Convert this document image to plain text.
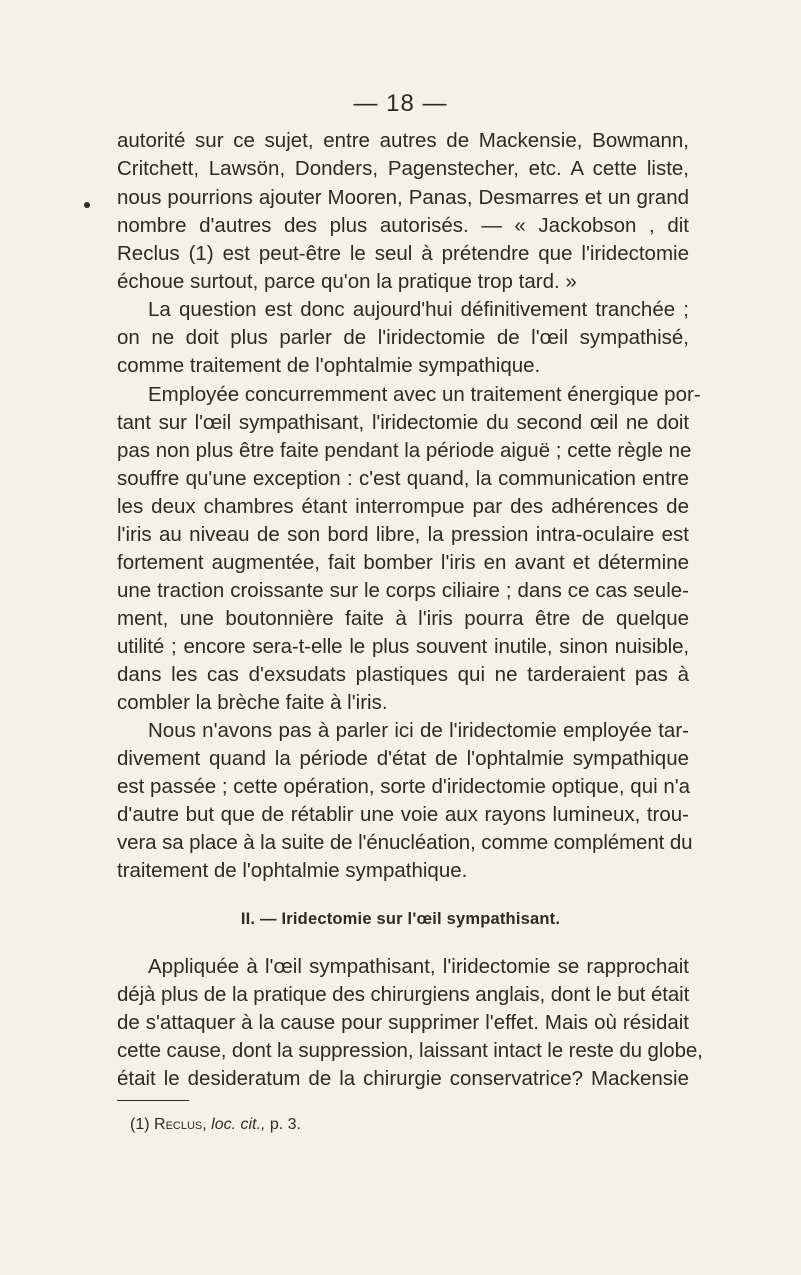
— 18 —
autorité sur ce sujet, entre autres de Mackensie, Bowmann,
Critchett, Lawsön, Donders, Pagenstecher, etc. A cette liste,
nous pourrions ajouter Mooren, Panas, Desmarres et un grand
nombre d'autres des plus autorisés. — « Jackobson , dit
Reclus (1) est peut-être le seul à prétendre que l'iridectomie
échoue surtout, parce qu'on la pratique trop tard. »
La question est donc aujourd'hui définitivement tranchée ;
on ne doit plus parler de l'iridectomie de l'œil sympathisé,
comme traitement de l'ophtalmie sympathique.
Employée concurremment avec un traitement énergique por-
tant sur l'œil sympathisant, l'iridectomie du second œil ne doit
pas non plus être faite pendant la période aiguë ; cette règle ne
souffre qu'une exception : c'est quand, la communication entre
les deux chambres étant interrompue par des adhérences de
l'iris au niveau de son bord libre, la pression intra-oculaire est
fortement augmentée, fait bomber l'iris en avant et détermine
une traction croissante sur le corps ciliaire ; dans ce cas seule-
ment, une boutonnière faite à l'iris pourra être de quelque
utilité ; encore sera-t-elle le plus souvent inutile, sinon nuisible,
dans les cas d'exsudats plastiques qui ne tarderaient pas à
combler la brèche faite à l'iris.
Nous n'avons pas à parler ici de l'iridectomie employée tar-
divement quand la période d'état de l'ophtalmie sympathique
est passée ; cette opération, sorte d'iridectomie optique, qui n'a
d'autre but que de rétablir une voie aux rayons lumineux, trou-
vera sa place à la suite de l'énucléation, comme complément du
traitement de l'ophtalmie sympathique.
II. — Iridectomie sur l'œil sympathisant.
Appliquée à l'œil sympathisant, l'iridectomie se rapprochait
déjà plus de la pratique des chirurgiens anglais, dont le but était
de s'attaquer à la cause pour supprimer l'effet. Mais où résidait
cette cause, dont la suppression, laissant intact le reste du globe,
était le desideratum de la chirurgie conservatrice? Mackensie
(1) Reclus, loc. cit., p. 3.
